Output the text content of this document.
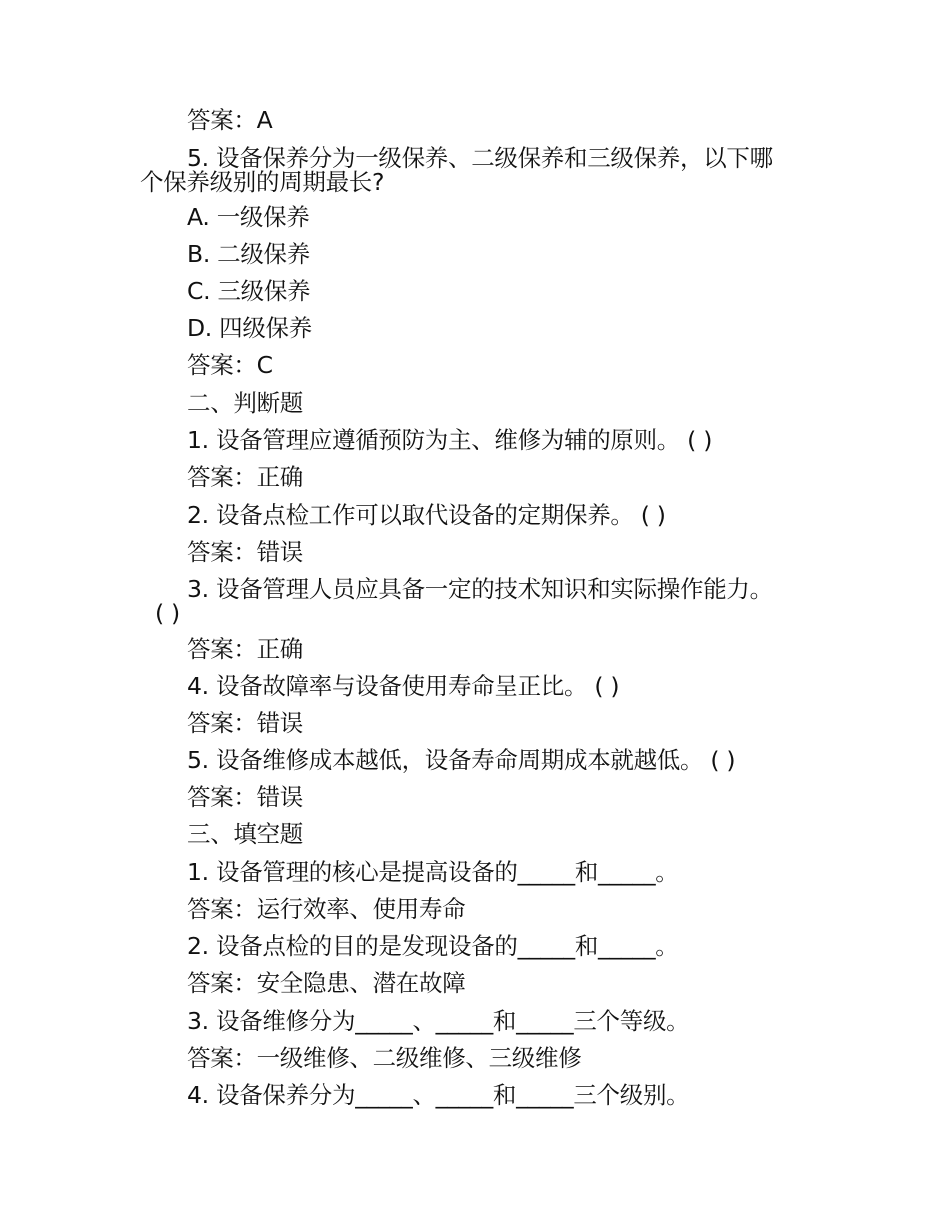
答案：A
5. 设备保养分为一级保养、二级保养和三级保养，以下哪
个保养级别的周期最长?
A. 一级保养
B. 二级保养
C. 三级保养
D. 四级保养
答案：C
二、判断题
1. 设备管理应遵循预防为主、维修为辅的原则。 ( )
答案：正确
2. 设备点检工作可以取代设备的定期保养。 ( )
答案：错误
3. 设备管理人员应具备一定的技术知识和实际操作能力。
( )
答案：正确
4. 设备故障率与设备使用寿命呈正比。 ( )
答案：错误
5. 设备维修成本越低，设备寿命周期成本就越低。 ( )
答案：错误
三、填空题
1. 设备管理的核心是提高设备的_____和_____。
答案：运行效率、使用寿命
2. 设备点检的目的是发现设备的_____和_____。
答案：安全隐患、潜在故障
3. 设备维修分为_____、_____和_____三个等级。
答案：一级维修、二级维修、三级维修
4. 设备保养分为_____、_____和_____三个级别。
